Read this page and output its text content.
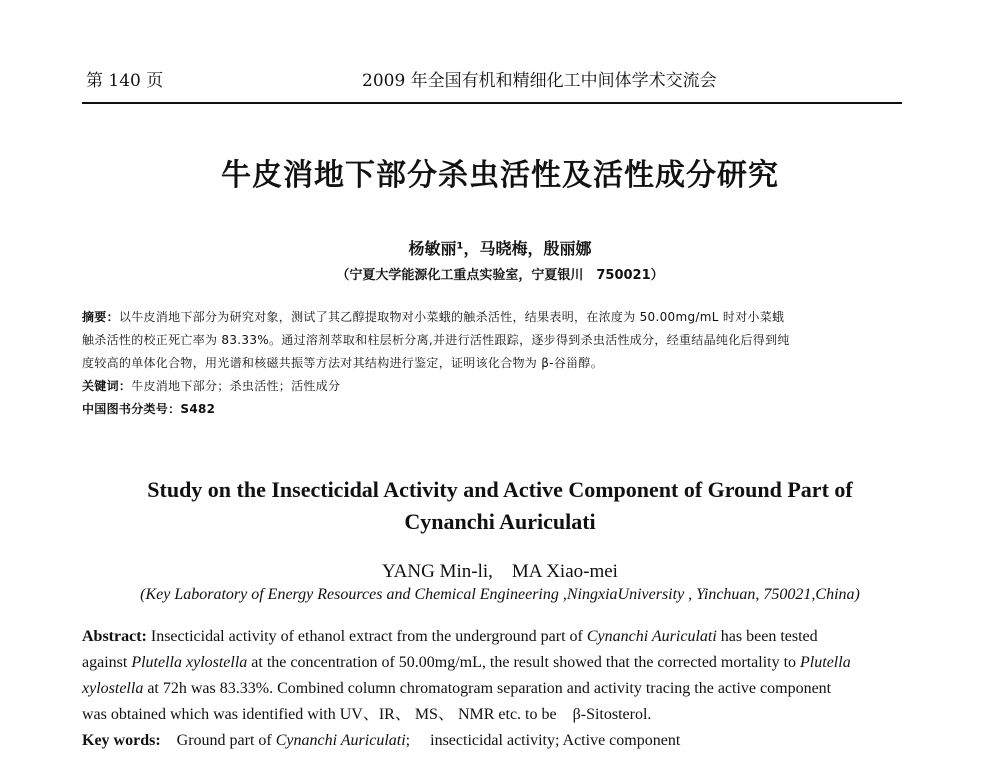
第 140 页	2009 年全国有机和精细化工中间体学术交流会
牛皮消地下部分杀虫活性及活性成分研究
杨敏丽¹，马晓梅，殷丽娜
（宁夏大学能源化工重点实验室，宁夏银川　750021）
摘要：以牛皮消地下部分为研究对象，测试了其乙醇提取物对小菜蛾的触杀活性，结果表明，在浓度为 50.00mg/mL 时对小菜蛾
触杀活性的校正死亡率为 83.33%。通过溶剂萃取和柱层析分离,并进行活性跟踪，逐步得到杀虫活性成分，经重结晶纯化后得到纯
度较高的单体化合物，用光谱和核磁共振等方法对其结构进行鉴定，证明该化合物为 β-谷甾醇。
关键词：牛皮消地下部分；杀虫活性；活性成分
中国图书分类号：S482
Study on the Insecticidal Activity and Active Component of Ground Part of
Cynanchi Auriculati
YANG Min-li,　MA Xiao-mei
(Key Laboratory of Energy Resources and Chemical Engineering ,NingxiaUniversity , Yinchuan, 750021,China)
Abstract: Insecticidal activity of ethanol extract from the underground part of Cynanchi Auriculati has been tested
against Plutella xylostella at the concentration of 50.00mg/mL, the result showed that the corrected mortality to Plutella
xylostella at 72h was 83.33%. Combined column chromatogram separation and activity tracing the active component
was obtained which was identified with UV、IR、 MS、 NMR etc. to be　β-Sitosterol.
Key words:　Ground part of Cynanchi Auriculati; 　insecticidal activity; Active component
